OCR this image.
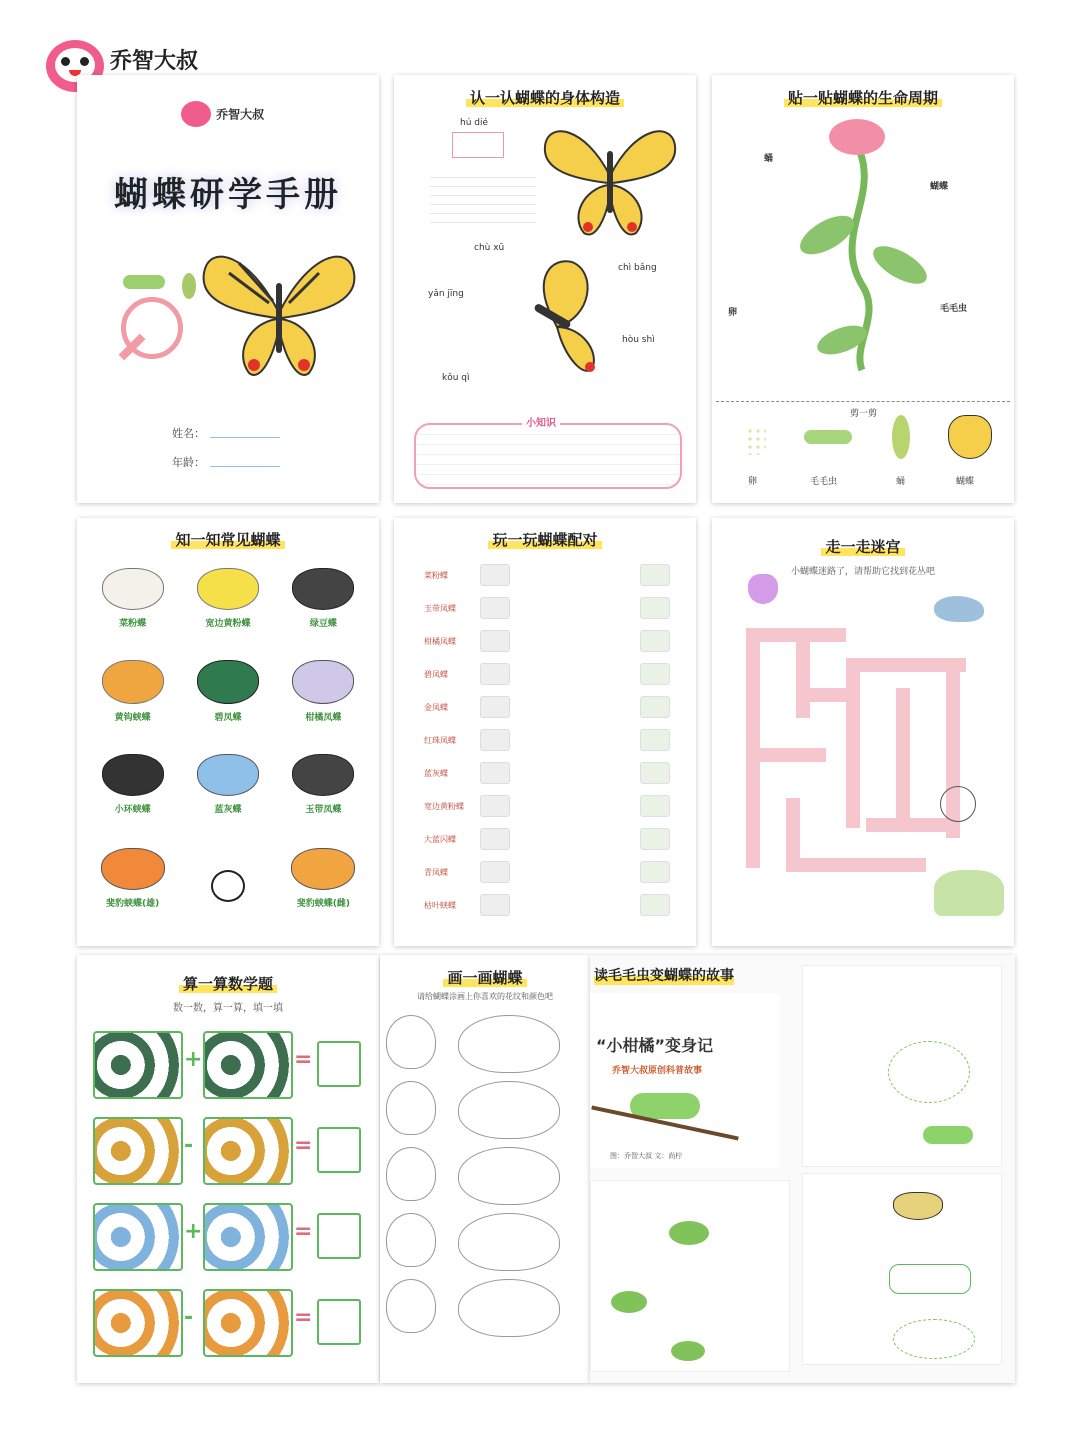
乔智大叔
乔智大叔
蝴蝶研学手册
姓名：
年龄：
认一认蝴蝶的身体构造
hú dié
chù xū
chì bǎng
yǎn jīng
hòu shì
kǒu qì
小知识
贴一贴蝴蝶的生命周期
蛹
蝴蝶
卵	毛毛虫
剪一剪
卵	毛毛虫	蛹	蝴蝶
知一知常见蝴蝶
菜粉蝶	宽边黄粉蝶	绿豆蝶
黄钩蛱蝶	碧凤蝶	柑橘凤蝶
小环蛱蝶	蓝灰蝶	玉带凤蝶
斐豹蛱蝶(雄)	斐豹蛱蝶(雌)
玩一玩蝴蝶配对
菜粉蝶
玉带凤蝶
柑橘凤蝶
碧凤蝶
金凤蝶
红珠凤蝶
蓝灰蝶
宽边黄粉蝶
大蓝闪蝶
青凤蝶
枯叶蛱蝶
走一走迷宫
小蝴蝶迷路了，请帮助它找到花丛吧
算一算数学题
数一数，算一算，填一填
+	=
-	=
+	=
-	=
画一画蝴蝶
请给蝴蝶涂画上你喜欢的花纹和颜色吧
读毛毛虫变蝴蝶的故事
“小柑橘”变身记
乔智大叔原创科普故事
图：乔智大叔 文：尚柠
